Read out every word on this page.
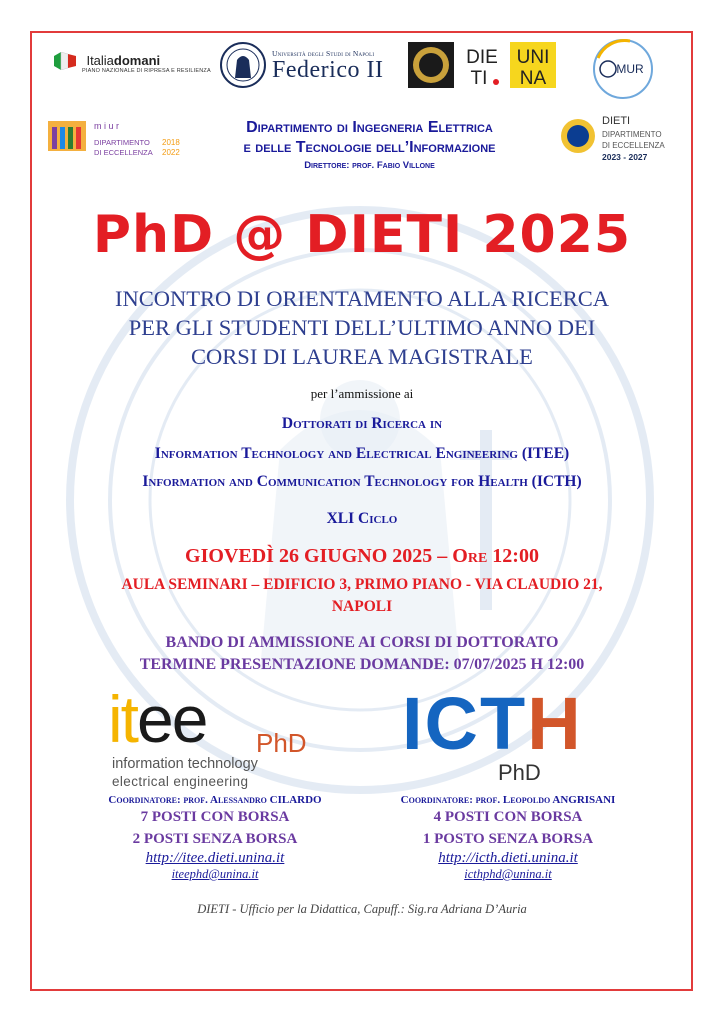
Italiadomani
PIANO NAZIONALE DI RIPRESA E RESILIENZA
Università degli Studi di Napoli
Federico II	DIE
TI
UNI
NA	MUR
m i u r
DIPARTIMENTO
DI ECCELLENZA
2018
2022
DIETI
DIPARTIMENTO
DI ECCELLENZA
2023 - 2027
Dipartimento di Ingegneria Elettrica
e delle Tecnologie dell’Informazione
Direttore: prof. Fabio Villone
PhD @ DIETI 2025
INCONTRO DI ORIENTAMENTO ALLA RICERCA
PER GLI STUDENTI DELL’ULTIMO ANNO DEI
CORSI DI LAUREA MAGISTRALE
per l’ammissione ai
Dottorati di Ricerca in
Information Technology and Electrical Engineering (ITEE)
Information and Communication Technology for Health (ICTH)
XLI Ciclo
GIOVEDÌ 26 GIUGNO 2025 – Ore 12:00
AULA SEMINARI – EDIFICIO 3, PRIMO PIANO - VIA CLAUDIO 21,
NAPOLI
BANDO DI AMMISSIONE AI CORSI DI DOTTORATO
TERMINE PRESENTAZIONE DOMANDE: 07/07/2025 H 12:00
itee PhD
information technology
electrical engineering
ICTH
PhD
Coordinatore: prof. Alessandro CILARDO
7 POSTI CON BORSA
2 POSTI SENZA BORSA
http://itee.dieti.unina.it
iteephd@unina.it
Coordinatore: prof. Leopoldo ANGRISANI
4 POSTI CON BORSA
1 POSTO SENZA BORSA
http://icth.dieti.unina.it
icthphd@unina.it
DIETI - Ufficio per la Didattica, Capuff.: Sig.ra Adriana D’Auria
